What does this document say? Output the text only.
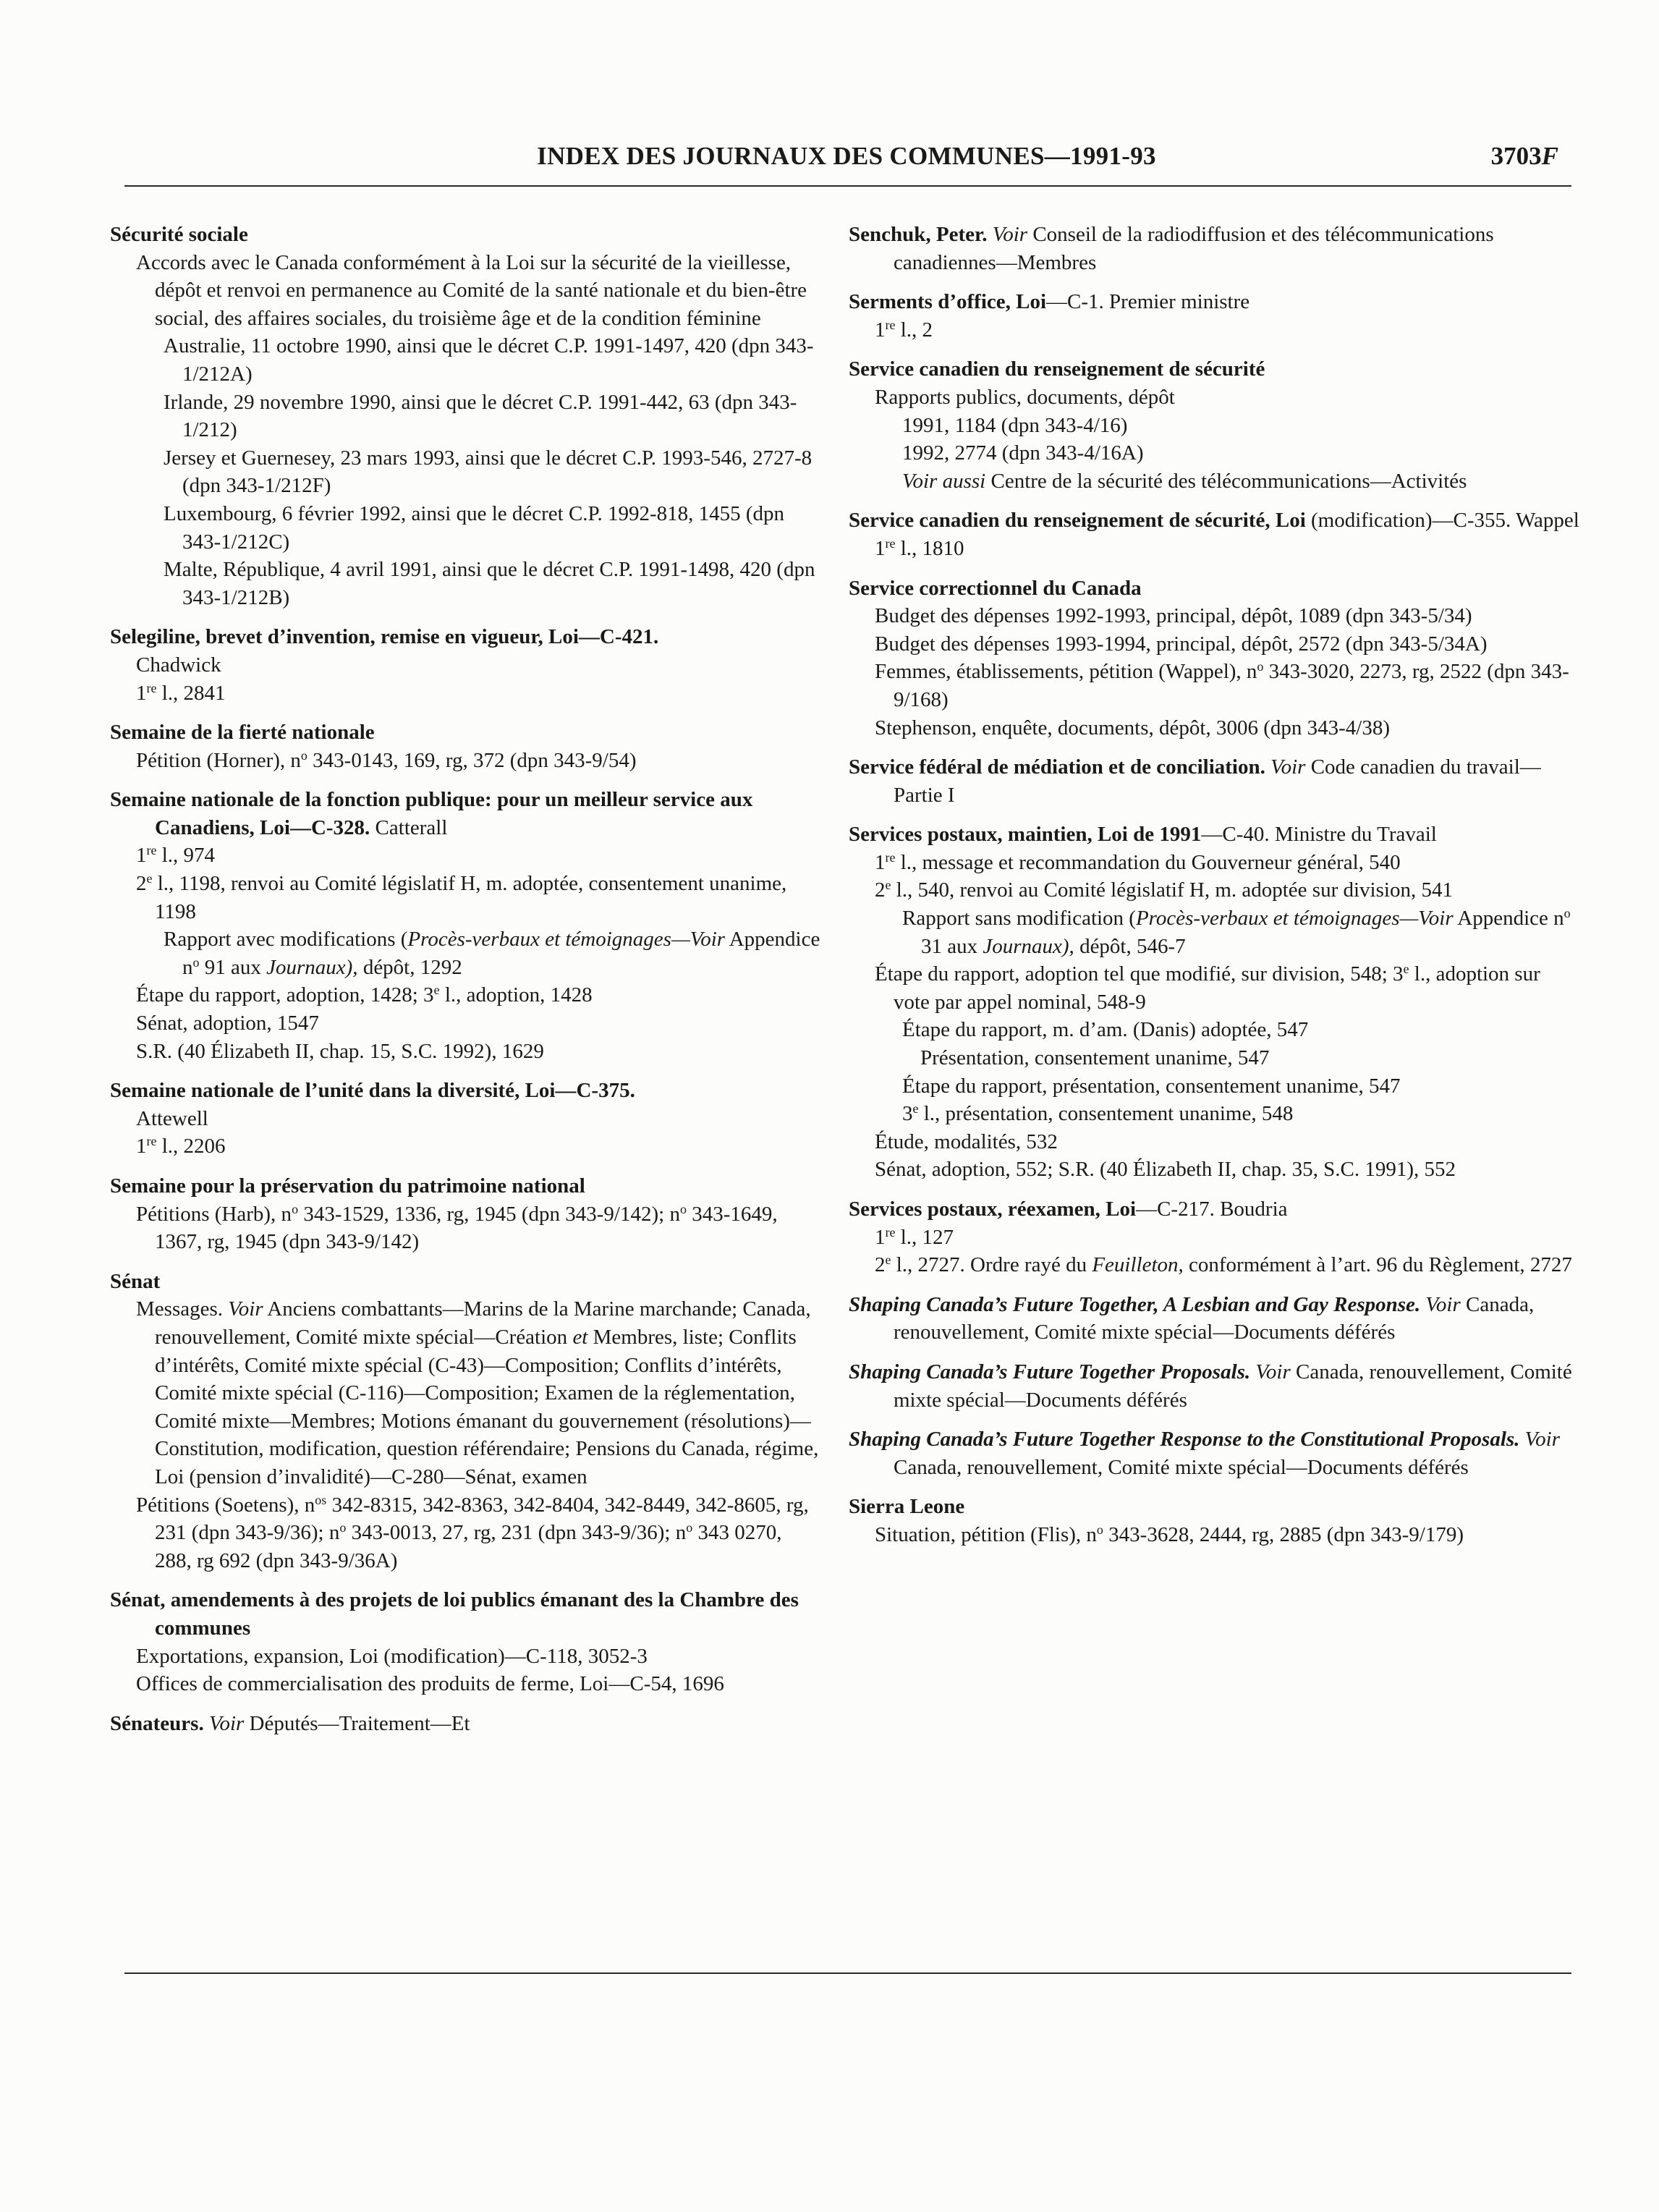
INDEX DES JOURNAUX DES COMMUNES—1991-93	3703F
Sécurité sociale
Accords avec le Canada conformément à la Loi sur la sécurité de la vieillesse, dépôt et renvoi en permanence au Comité de la santé nationale et du bien-être social, des affaires sociales, du troisième âge et de la condition féminine
Australie, 11 octobre 1990, ainsi que le décret C.P. 1991-1497, 420 (dpn 343-1/212A)
Irlande, 29 novembre 1990, ainsi que le décret C.P. 1991-442, 63 (dpn 343-1/212)
Jersey et Guernesey, 23 mars 1993, ainsi que le décret C.P. 1993-546, 2727-8 (dpn 343-1/212F)
Luxembourg, 6 février 1992, ainsi que le décret C.P. 1992-818, 1455 (dpn 343-1/212C)
Malte, République, 4 avril 1991, ainsi que le décret C.P. 1991-1498, 420 (dpn 343-1/212B)
Selegiline, brevet d’invention, remise en vigueur, Loi—C-421.
Chadwick
1re l., 2841
Semaine de la fierté nationale
Pétition (Horner), $n^o$ 343-0143, 169, rg, 372 (dpn 343-9/54)
Semaine nationale de la fonction publique: pour un meilleur service aux Canadiens, Loi—C-328. Catterall
1re l., 974
2e l., 1198, renvoi au Comité législatif H, m. adoptée, consentement unanime, 1198
Rapport avec modifications (Procès-verbaux et témoignages—Voir Appendice $n^o$ 91 aux Journaux), dépôt, 1292
Étape du rapport, adoption, 1428; 3e l., adoption, 1428
Sénat, adoption, 1547
S.R. (40 Élizabeth II, chap. 15, S.C. 1992), 1629
Semaine nationale de l’unité dans la diversité, Loi—C-375.
Attewell
1re l., 2206
Semaine pour la préservation du patrimoine national
Pétitions (Harb), $n^o$ 343-1529, 1336, rg, 1945 (dpn 343-9/142); $n^o$ 343-1649, 1367, rg, 1945 (dpn 343-9/142)
Sénat
Messages. Voir Anciens combattants—Marins de la Marine marchande; Canada, renouvellement, Comité mixte spécial—Création et Membres, liste; Conflits d’intérêts, Comité mixte spécial (C-43)—Composition; Conflits d’intérêts, Comité mixte spécial (C-116)—Composition; Examen de la réglementation, Comité mixte—Membres; Motions émanant du gouvernement (résolutions)—Constitution, modification, question référendaire; Pensions du Canada, régime, Loi (pension d’invalidité)—C-280—Sénat, examen
Pétitions (Soetens), $n^{os}$ 342-8315, 342-8363, 342-8404, 342-8449, 342-8605, rg, 231 (dpn 343-9/36); $n^o$ 343-0013, 27, rg, 231 (dpn 343-9/36); $n^o$ 343 0270, 288, rg 692 (dpn 343-9/36A)
Sénat, amendements à des projets de loi publics émanant des la Chambre des communes
Exportations, expansion, Loi (modification)—C-118, 3052-3
Offices de commercialisation des produits de ferme, Loi—C-54, 1696
Sénateurs. Voir Députés—Traitement—Et
Senchuk, Peter. Voir Conseil de la radiodiffusion et des télécommunications canadiennes—Membres
Serments d’office, Loi—C-1. Premier ministre
1re l., 2
Service canadien du renseignement de sécurité
Rapports publics, documents, dépôt
1991, 1184 (dpn 343-4/16)
1992, 2774 (dpn 343-4/16A)
Voir aussi Centre de la sécurité des télécommunications—Activités
Service canadien du renseignement de sécurité, Loi (modification)—C-355. Wappel
1re l., 1810
Service correctionnel du Canada
Budget des dépenses 1992-1993, principal, dépôt, 1089 (dpn 343-5/34)
Budget des dépenses 1993-1994, principal, dépôt, 2572 (dpn 343-5/34A)
Femmes, établissements, pétition (Wappel), $n^o$ 343-3020, 2273, rg, 2522 (dpn 343-9/168)
Stephenson, enquête, documents, dépôt, 3006 (dpn 343-4/38)
Service fédéral de médiation et de conciliation. Voir Code canadien du travail—Partie I
Services postaux, maintien, Loi de 1991—C-40. Ministre du Travail
1re l., message et recommandation du Gouverneur général, 540
2e l., 540, renvoi au Comité législatif H, m. adoptée sur division, 541
Rapport sans modification (Procès-verbaux et témoignages—Voir Appendice $n^o$ 31 aux Journaux), dépôt, 546-7
Étape du rapport, adoption tel que modifié, sur division, 548; 3e l., adoption sur vote par appel nominal, 548-9
Étape du rapport, m. d’am. (Danis) adoptée, 547
Présentation, consentement unanime, 547
Étape du rapport, présentation, consentement unanime, 547
3e l., présentation, consentement unanime, 548
Étude, modalités, 532
Sénat, adoption, 552; S.R. (40 Élizabeth II, chap. 35, S.C. 1991), 552
Services postaux, réexamen, Loi—C-217. Boudria
1re l., 127
2e l., 2727. Ordre rayé du Feuilleton, conformément à l’art. 96 du Règlement, 2727
Shaping Canada’s Future Together, A Lesbian and Gay Response. Voir Canada, renouvellement, Comité mixte spécial—Documents déférés
Shaping Canada’s Future Together Proposals. Voir Canada, renouvellement, Comité mixte spécial—Documents déférés
Shaping Canada’s Future Together Response to the Constitutional Proposals. Voir Canada, renouvellement, Comité mixte spécial—Documents déférés
Sierra Leone
Situation, pétition (Flis), $n^o$ 343-3628, 2444, rg, 2885 (dpn 343-9/179)
